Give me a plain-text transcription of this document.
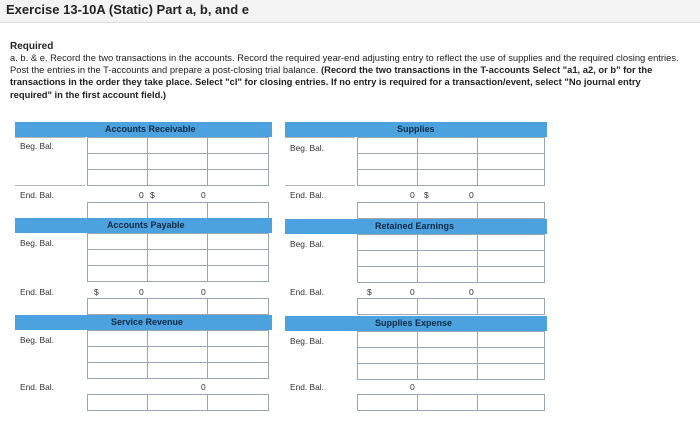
Exercise 13-10A (Static) Part a, b, and e
Required
a. b. & e. Record the two transactions in the accounts. Record the required year-end adjusting entry to reflect the use of supplies and the required closing entries. Post the entries in the T-accounts and prepare a post-closing trial balance. (Record the two transactions in the T-accounts Select "a1, a2, or b" for the transactions in the order they take place. Select "cl" for closing entries. If no entry is required for a transaction/event, select "No journal entry required" in the first account field.)
Accounts Receivable
Beg. Bal.
End. Bal.	0 $	0
Accounts Payable
Beg. Bal.
End. Bal.	$	0	0
Service Revenue
Beg. Bal.
End. Bal.	0
Supplies
Beg. Bal.
End. Bal.	0 $	0
Retained Earnings
Beg. Bal.
End. Bal.	$	0	0
Supplies Expense
Beg. Bal.
End. Bal.	0
